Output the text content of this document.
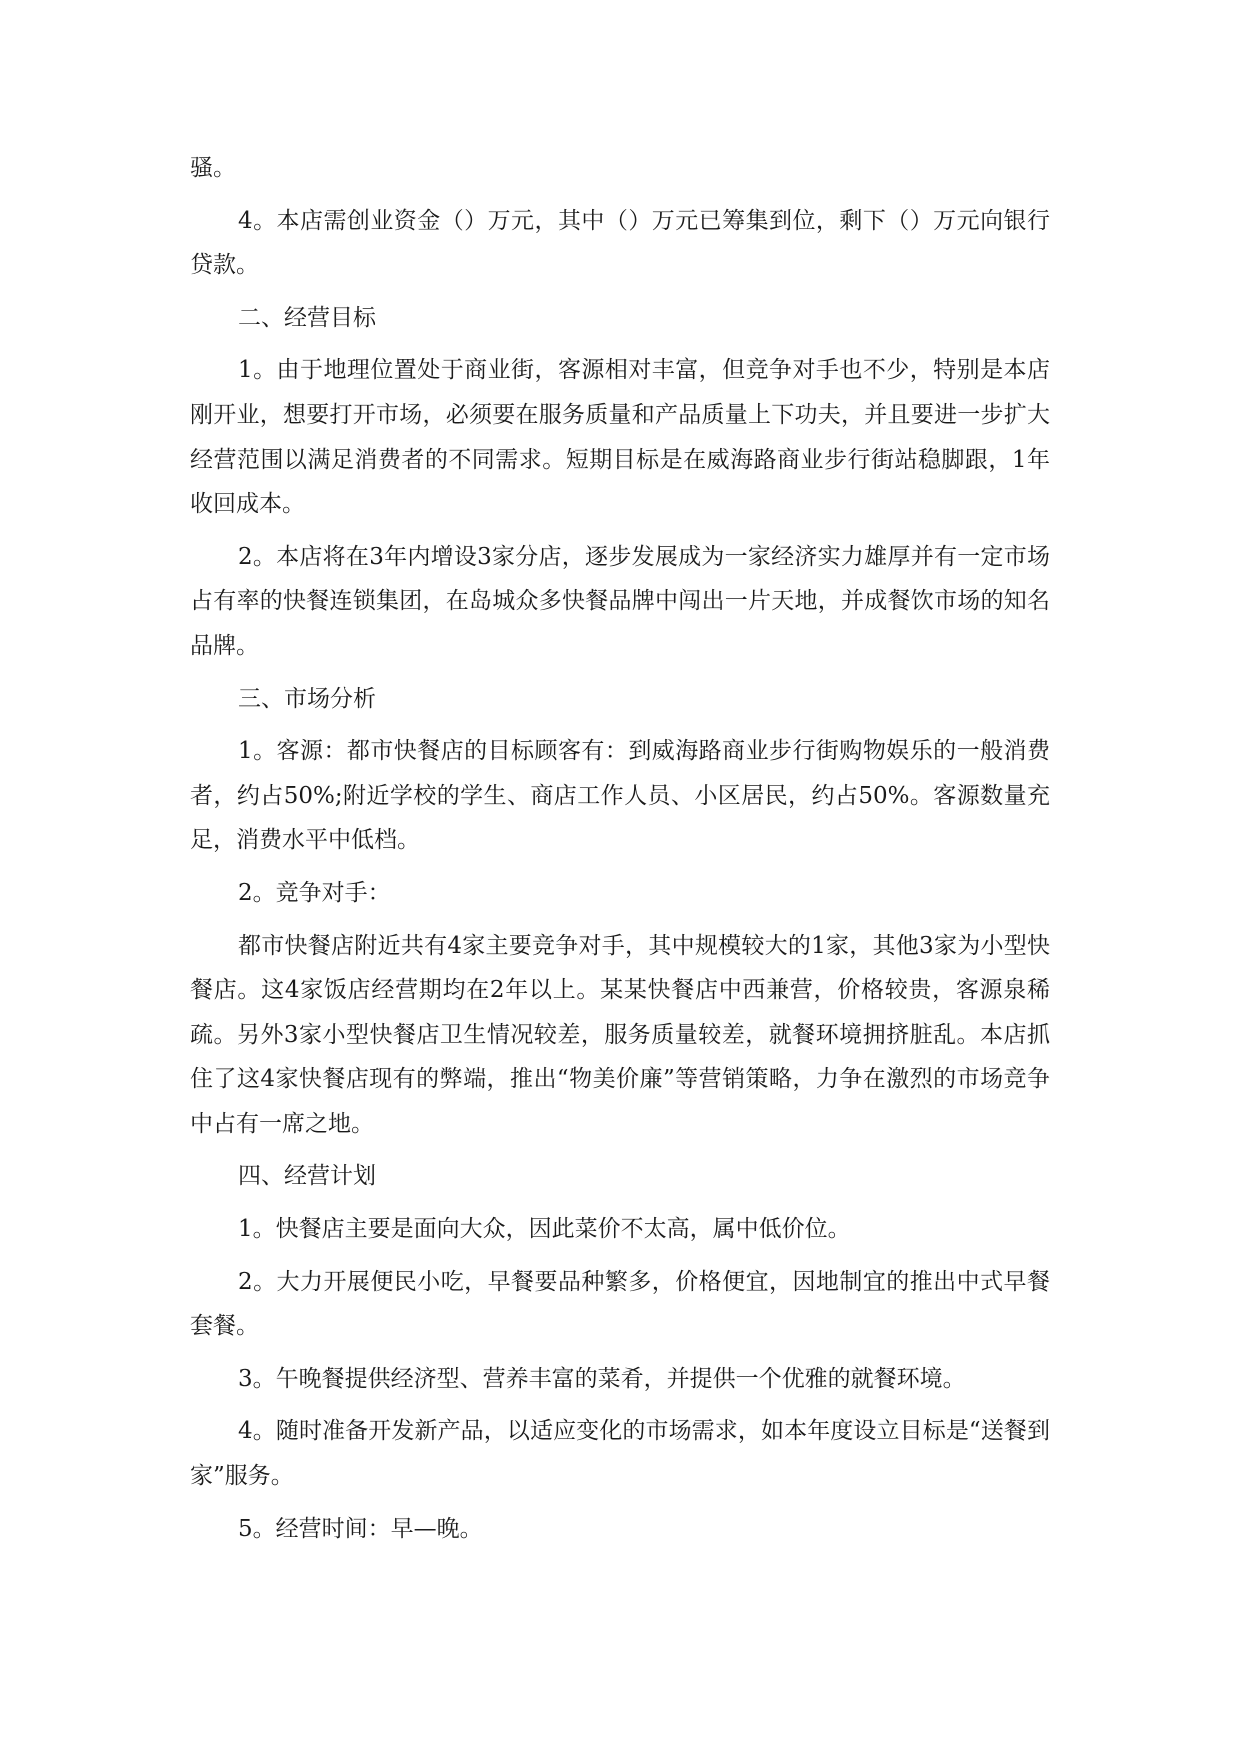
骚。

4。本店需创业资金（）万元，其中（）万元已筹集到位，剩下（）万元向银行贷款。

二、经营目标

1。由于地理位置处于商业街，客源相对丰富，但竞争对手也不少，特别是本店刚开业，想要打开市场，必须要在服务质量和产品质量上下功夫，并且要进一步扩大经营范围以满足消费者的不同需求。短期目标是在威海路商业步行街站稳脚跟，1年收回成本。

2。本店将在3年内增设3家分店，逐步发展成为一家经济实力雄厚并有一定市场占有率的快餐连锁集团，在岛城众多快餐品牌中闯出一片天地，并成餐饮市场的知名品牌。

三、市场分析

1。客源：都市快餐店的目标顾客有：到威海路商业步行街购物娱乐的一般消费者，约占50%;附近学校的学生、商店工作人员、小区居民，约占50%。客源数量充足，消费水平中低档。

2。竞争对手：

都市快餐店附近共有4家主要竞争对手，其中规模较大的1家，其他3家为小型快餐店。这4家饭店经营期均在2年以上。某某快餐店中西兼营，价格较贵，客源泉稀疏。另外3家小型快餐店卫生情况较差，服务质量较差，就餐环境拥挤脏乱。本店抓住了这4家快餐店现有的弊端，推出“物美价廉”等营销策略，力争在激烈的市场竞争中占有一席之地。

四、经营计划

1。快餐店主要是面向大众，因此菜价不太高，属中低价位。

2。大力开展便民小吃，早餐要品种繁多，价格便宜，因地制宜的推出中式早餐套餐。

3。午晚餐提供经济型、营养丰富的菜肴，并提供一个优雅的就餐环境。

4。随时准备开发新产品，以适应变化的市场需求，如本年度设立目标是“送餐到家”服务。

5。经营时间：早—晚。
